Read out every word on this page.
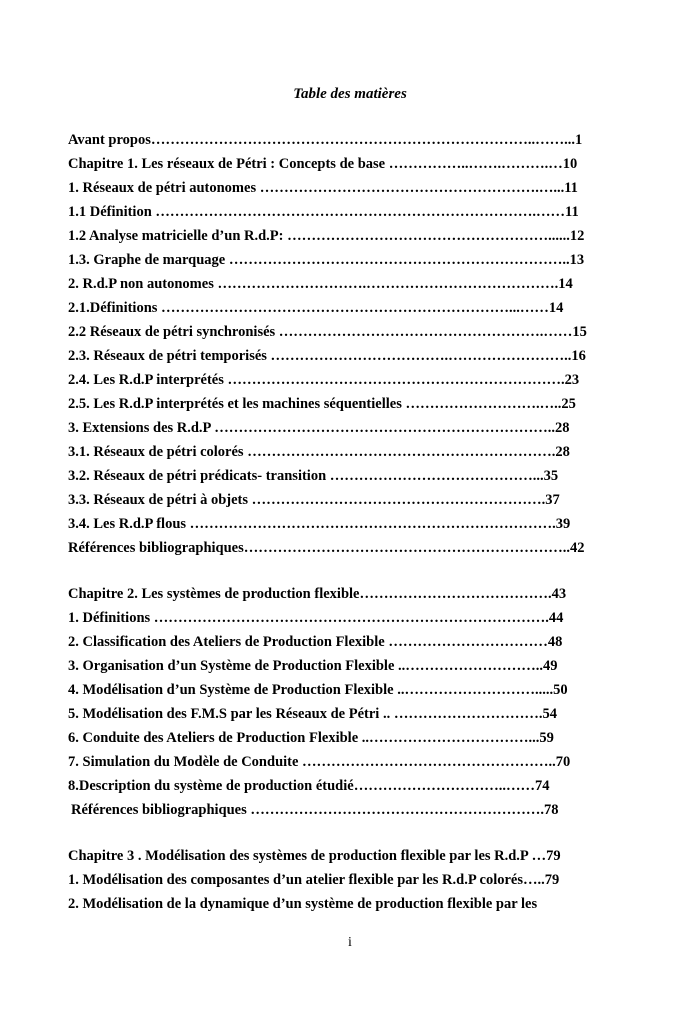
Table des matières
Avant propos……………………………………………………………………..……...1
Chapitre 1. Les réseaux de Pétri : Concepts de base ……………..…….……….…10
1. Réseaux de pétri autonomes ………………………………………………….…...11
1.1 Définition …………………………………………………………………….……11
1.2 Analyse matricielle d’un R.d.P: ………………………………………………......12
1.3. Graphe de marquage ……………………………………………………………..13
2. R.d.P non autonomes ………………………….………………………………….14
2.1.Définitions ………………………………………………………………...……14
2.2 Réseaux de pétri synchronisés ……………………………………………….……15
2.3. Réseaux de pétri temporisés ……………………………….……………………..16
2.4. Les R.d.P interprétés …………………………………………………………….23
2.5. Les R.d.P interprétés et les machines séquentielles ……………………….…..25
3. Extensions des R.d.P ……………………………………………………………..28
3.1. Réseaux de pétri colorés ……………………………………………………….28
3.2. Réseaux de pétri prédicats- transition ……………………………………...35
3.3. Réseaux de pétri à objets …………………………………………………….37
3.4. Les R.d.P flous ………………………………………………………………….39
Références bibliographiques…………………………………………………………..42
Chapitre 2. Les systèmes de production flexible………………………………….43
1. Définitions ……………………………………………………………………….44
2. Classification des Ateliers de Production Flexible ……………………………48
3. Organisation d’un Système de Production Flexible ..………………………..49
4. Modélisation d’un Système de Production Flexible ..……………………….....50
5. Modélisation des F.M.S par les Réseaux de Pétri .. ………………………….54
6. Conduite des Ateliers de Production Flexible ..……………………………...59
7. Simulation du Modèle de Conduite ……………………………………………..70
8.Description du système de production étudié…………………………..……74
Références bibliographiques …………………………………………………….78
Chapitre 3 . Modélisation des systèmes de production flexible par les R.d.P …79
1. Modélisation des composantes d’un atelier flexible par les R.d.P colorés…..79
2. Modélisation de la dynamique d’un système de production flexible par les
i
